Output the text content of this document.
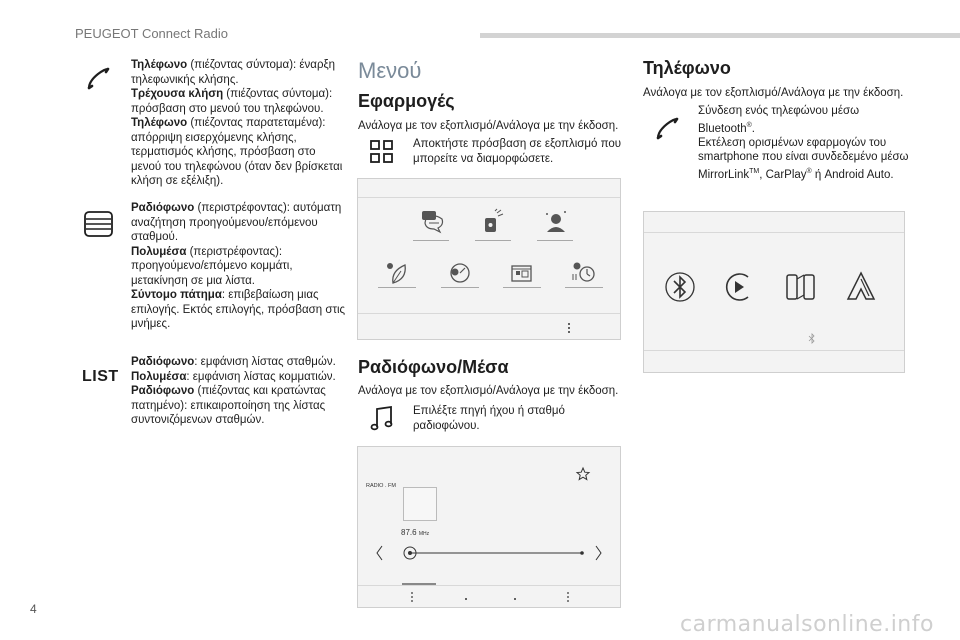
PEUGEOT Connect Radio
Τηλέφωνο (πιέζοντας σύντομα): έναρξη
τηλεφωνικής κλήσης.
Τρέχουσα κλήση (πιέζοντας σύντομα):
πρόσβαση στο μενού του τηλεφώνου.
Τηλέφωνο (πιέζοντας παρατεταμένα):
απόρριψη εισερχόμενης κλήσης,
τερματισμός κλήσης, πρόσβαση στο
μενού του τηλεφώνου (όταν δεν βρίσκεται
κλήση σε εξέλιξη).
Ραδιόφωνο (περιστρέφοντας): αυτόματη
αναζήτηση προηγούμενου/επόμενου
σταθμού.
Πολυμέσα (περιστρέφοντας):
προηγούμενο/επόμενο κομμάτι,
μετακίνηση σε μια λίστα.
Σύντομο πάτημα: επιβεβαίωση μιας
επιλογής. Εκτός επιλογής, πρόσβαση στις
μνήμες.
LIST
Ραδιόφωνο: εμφάνιση λίστας σταθμών.
Πολυμέσα: εμφάνιση λίστας κομματιών.
Ραδιόφωνο (πιέζοντας και κρατώντας
πατημένο): επικαιροποίηση της λίστας
συντονιζόμενων σταθμών.
Μενού
Εφαρμογές
Ανάλογα με τον εξοπλισμό/Ανάλογα με την έκδοση.
Αποκτήστε πρόσβαση σε εξοπλισμό που
μπορείτε να διαμορφώσετε.
Ραδιόφωνο/Μέσα
Ανάλογα με τον εξοπλισμό/Ανάλογα με την έκδοση.
Επιλέξτε πηγή ήχου ή σταθμό
ραδιοφώνου.
RADIO . FM
87.6 MHz
Τηλέφωνο
Ανάλογα με τον εξοπλισμό/Ανάλογα με την έκδοση.
Σύνδεση ενός τηλεφώνου μέσω
Bluetooth®.
Εκτέλεση ορισμένων εφαρμογών του
smartphone που είναι συνδεδεμένο μέσω
MirrorLink™, CarPlay® ή Android Auto.
4
carmanualsonline.info
